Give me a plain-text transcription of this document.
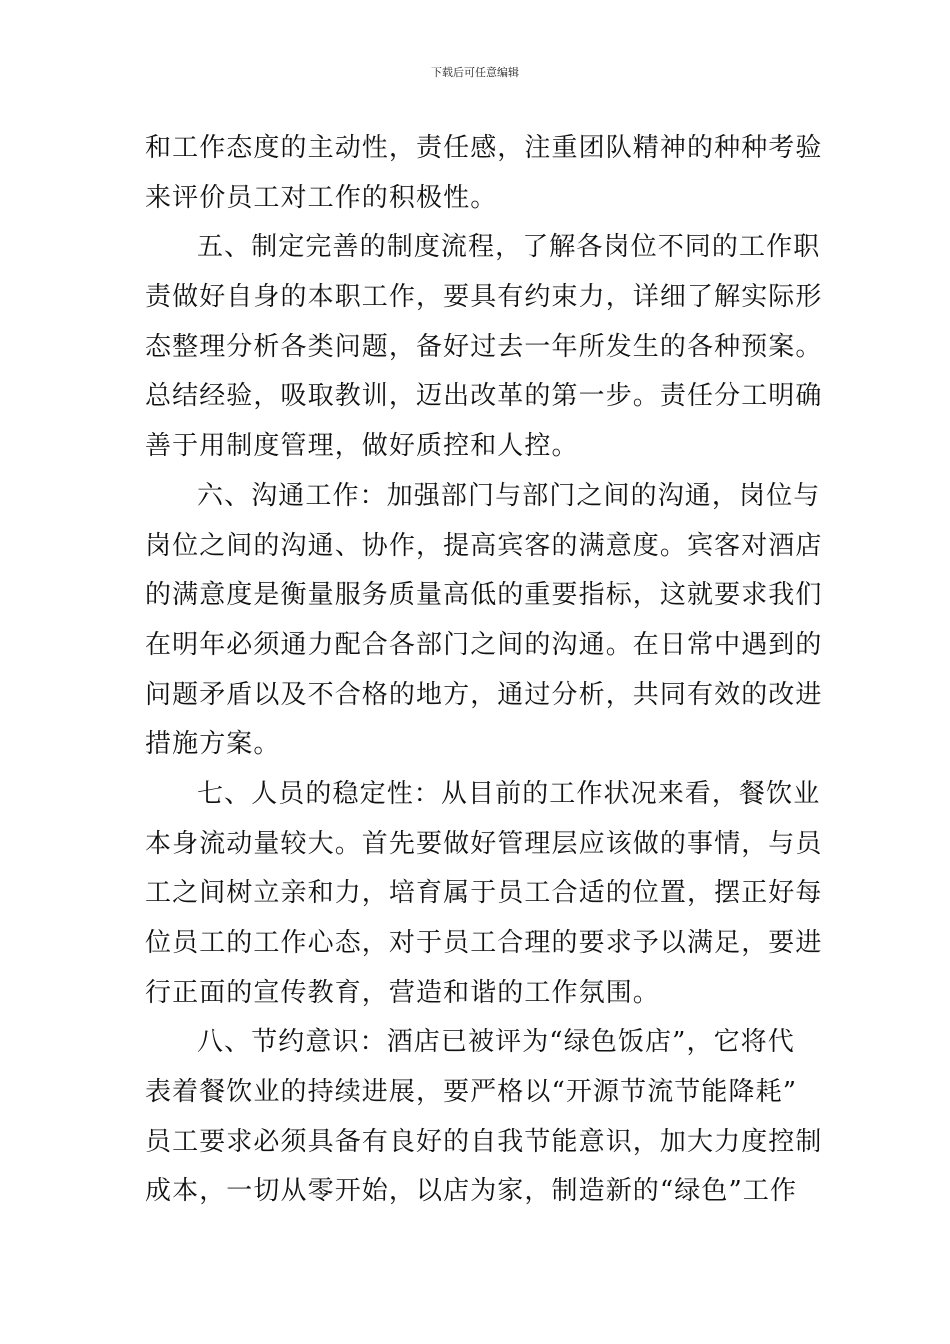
下载后可任意编辑
和工作态度的主动性，责任感，注重团队精神的种种考验
来评价员工对工作的积极性。
五、制定完善的制度流程，了解各岗位不同的工作职
责做好自身的本职工作，要具有约束力，详细了解实际形
态整理分析各类问题，备好过去一年所发生的各种预案。
总结经验，吸取教训，迈出改革的第一步。责任分工明确
善于用制度管理，做好质控和人控。
六、沟通工作：加强部门与部门之间的沟通，岗位与
岗位之间的沟通、协作，提高宾客的满意度。宾客对酒店
的满意度是衡量服务质量高低的重要指标，这就要求我们
在明年必须通力配合各部门之间的沟通。在日常中遇到的
问题矛盾以及不合格的地方，通过分析，共同有效的改进
措施方案。
七、人员的稳定性：从目前的工作状况来看，餐饮业
本身流动量较大。首先要做好管理层应该做的事情，与员
工之间树立亲和力，培育属于员工合适的位置，摆正好每
位员工的工作心态，对于员工合理的要求予以满足，要进
行正面的宣传教育，营造和谐的工作氛围。
八、节约意识：酒店已被评为“绿色饭店”，它将代
表着餐饮业的持续进展，要严格以“开源节流节能降耗”
员工要求必须具备有良好的自我节能意识，加大力度控制
成本，一切从零开始，以店为家，制造新的“绿色”工作
